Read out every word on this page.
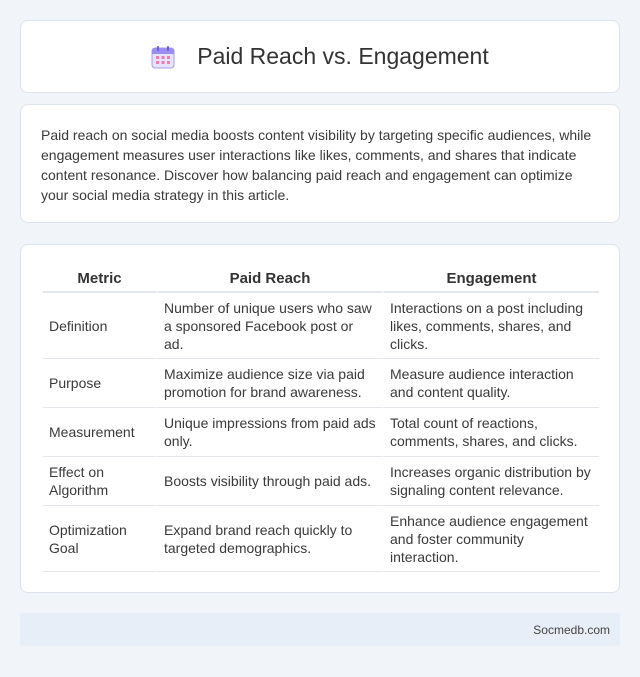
Paid Reach vs. Engagement

Paid reach on social media boosts content visibility by targeting specific audiences, while engagement measures user interactions like likes, comments, and shares that indicate content resonance. Discover how balancing paid reach and engagement can optimize your social media strategy in this article.

Metric	Paid Reach	Engagement
Definition	Number of unique users who saw a sponsored Facebook post or ad.	Interactions on a post including likes, comments, shares, and clicks.
Purpose	Maximize audience size via paid promotion for brand awareness.	Measure audience interaction and content quality.
Measurement	Unique impressions from paid ads only.	Total count of reactions, comments, shares, and clicks.
Effect on Algorithm	Boosts visibility through paid ads.	Increases organic distribution by signaling content relevance.
Optimization Goal	Expand brand reach quickly to targeted demographics.	Enhance audience engagement and foster community interaction.
Socmedb.com
